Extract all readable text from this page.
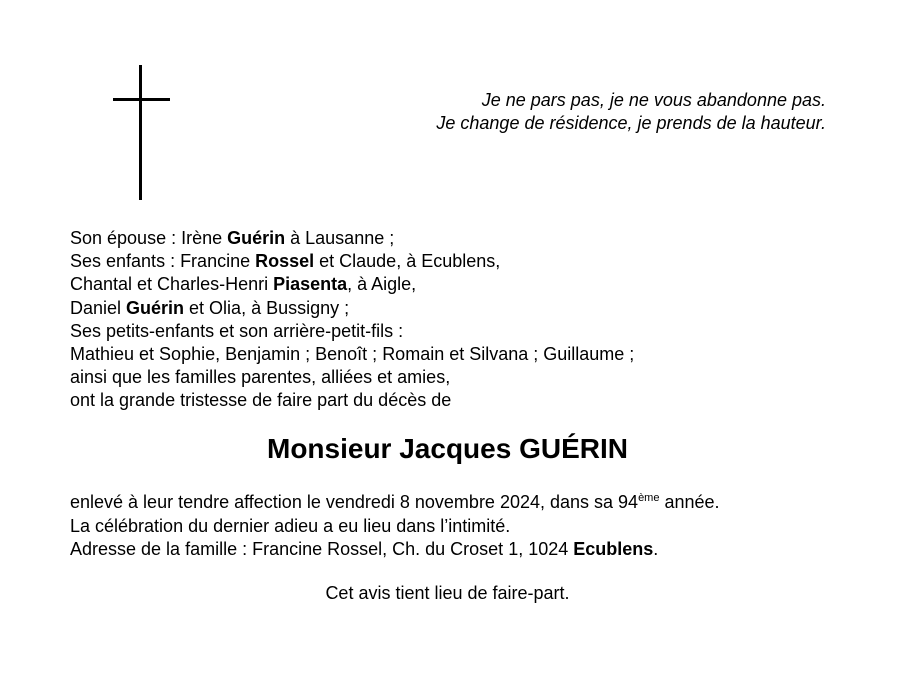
Je ne pars pas, je ne vous abandonne pas.
Je change de résidence, je prends de la hauteur.
Son épouse : Irène Guérin à Lausanne ;
Ses enfants : Francine Rossel et Claude, à Ecublens,
Chantal et Charles-Henri Piasenta, à Aigle,
Daniel Guérin et Olia, à Bussigny ;
Ses petits-enfants et son arrière-petit-fils :
Mathieu et Sophie, Benjamin ; Benoît ; Romain et Silvana ; Guillaume ;
ainsi que les familles parentes, alliées et amies,
ont la grande tristesse de faire part du décès de
Monsieur Jacques GUÉRIN
enlevé à leur tendre affection le vendredi 8 novembre 2024, dans sa 94ème année.
La célébration du dernier adieu a eu lieu dans l’intimité.
Adresse de la famille : Francine Rossel, Ch. du Croset 1, 1024 Ecublens.
Cet avis tient lieu de faire-part.
